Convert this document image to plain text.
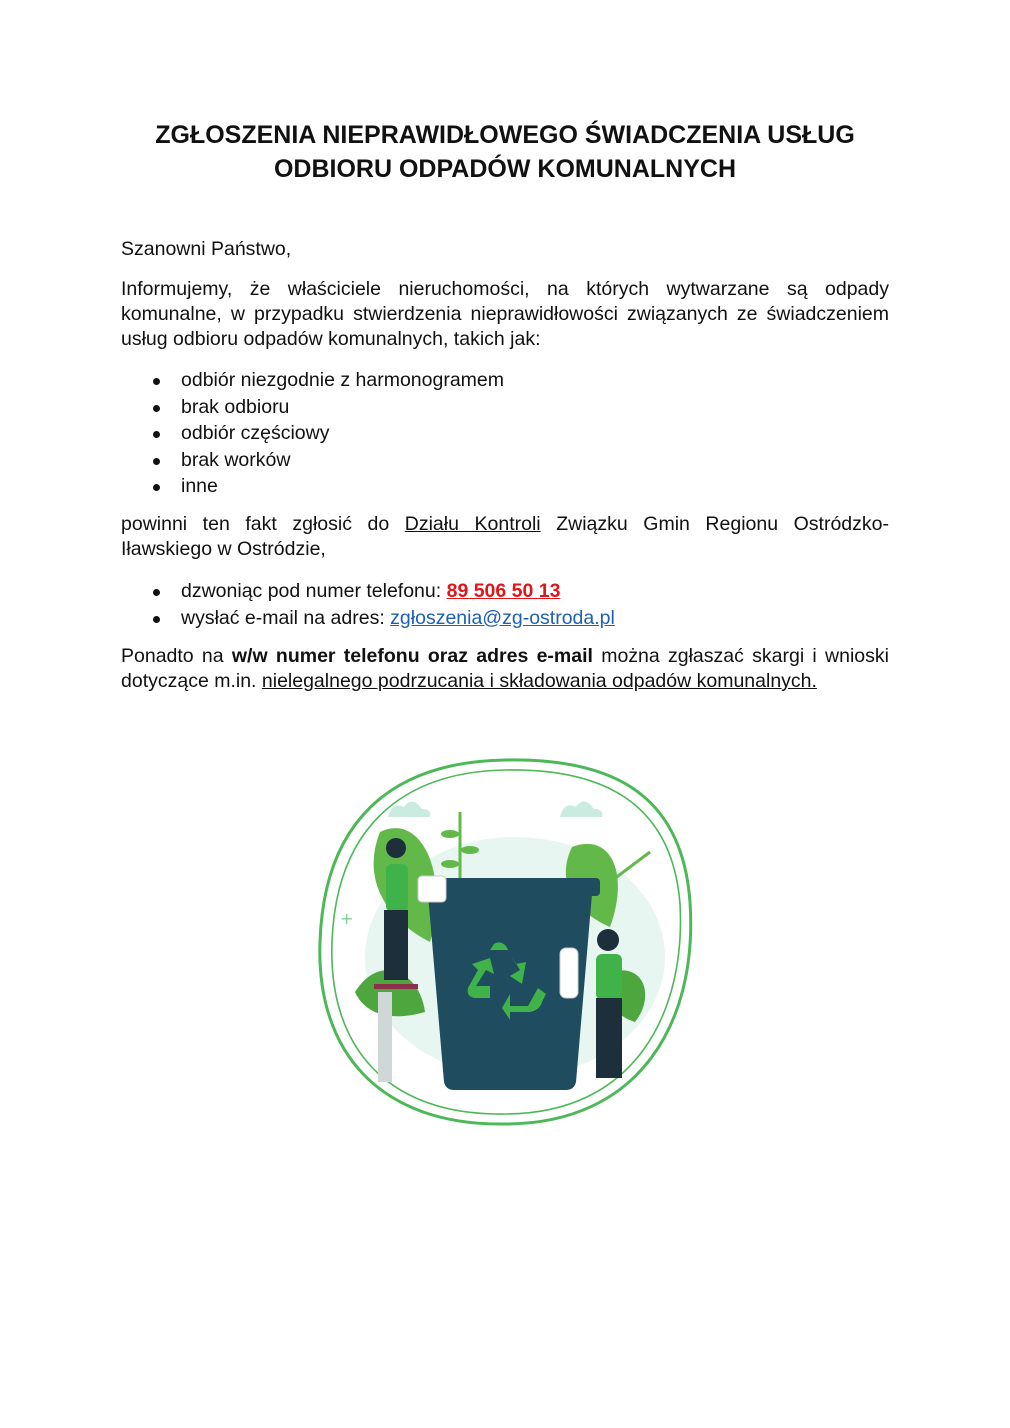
ZGŁOSZENIA NIEPRAWIDŁOWEGO ŚWIADCZENIA USŁUG
ODBIORU ODPADÓW KOMUNALNYCH
Szanowni Państwo,
Informujemy, że właściciele nieruchomości, na których wytwarzane są odpady
komunalne, w przypadku stwierdzenia nieprawidłowości związanych ze świadczeniem
usług odbioru odpadów komunalnych, takich jak:
odbiór niezgodnie z harmonogramem
brak odbioru
odbiór częściowy
brak worków
inne
powinni ten fakt zgłosić do Działu Kontroli Związku Gmin Regionu Ostródzko-
Iławskiego w Ostródzie,
dzwoniąc pod numer telefonu: 89 506 50 13
wysłać e-mail na adres: zgłoszenia@zg-ostroda.pl
Ponadto na w/w numer telefonu oraz adres e-mail można zgłaszać skargi i wnioski
dotyczące m.in. nielegalnego podrzucania i składowania odpadów komunalnych.
+
